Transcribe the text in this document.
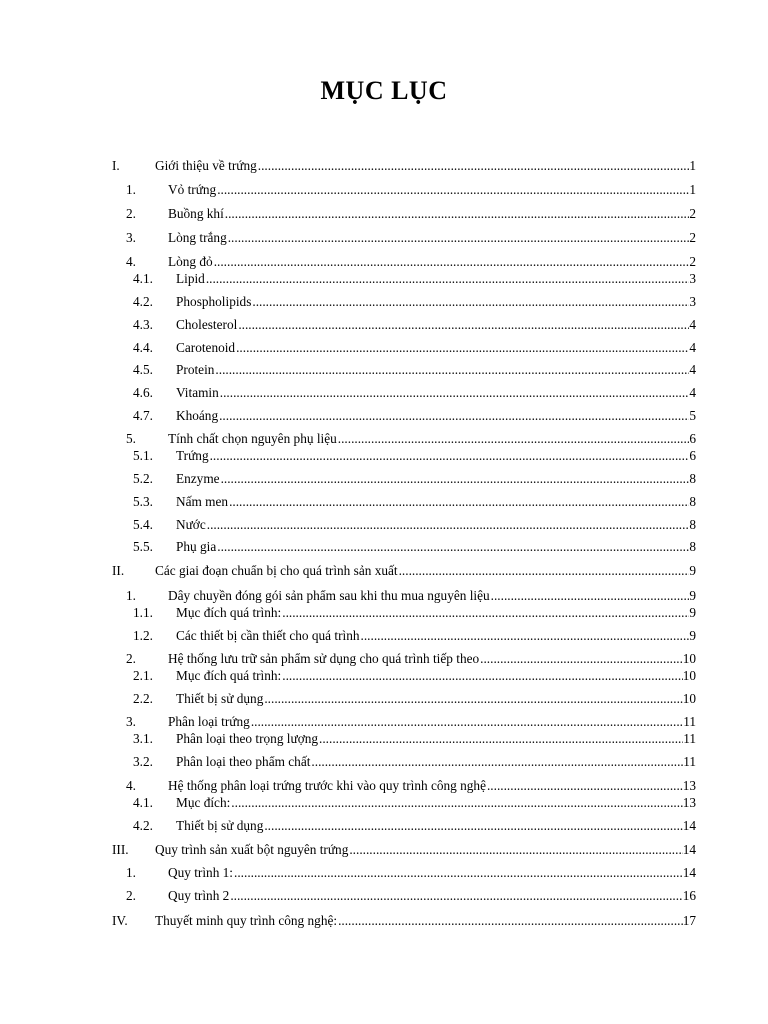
MỤC LỤC
I.	Giới thiệu về trứng .....	1
1. Vỏ trứng .....	1
2. Buồng khí .....	2
3. Lòng trắng .....	2
4. Lòng đỏ .....	2
4.1. Lipid .....	3
4.2. Phospholipids .....	3
4.3. Cholesterol .....	4
4.4. Carotenoid .....	4
4.5. Protein .....	4
4.6. Vitamin .....	4
4.7. Khoáng .....	5
5. Tính chất chọn nguyên phụ liệu .....	6
5.1. Trứng .....	6
5.2. Enzyme .....	8
5.3. Nấm men .....	8
5.4. Nước .....	8
5.5. Phụ gia .....	8
II. Các giai đoạn chuẩn bị cho quá trình sản xuất .....	9
1. Dây chuyền đóng gói sản phẩm sau khi thu mua nguyên liệu .....	9
1.1. Mục đích quá trình: .....	9
1.2. Các thiết bị cần thiết cho quá trình .....	9
2. Hệ thống lưu trữ sản phẩm sử dụng cho quá trình tiếp theo .....	10
2.1. Mục đích quá trình: .....	10
2.2. Thiết bị sử dụng .....	10
3. Phân loại trứng .....	11
3.1. Phân loại theo trọng lượng .....	11
3.2. Phân loại theo phẩm chất .....	11
4. Hệ thống phân loại trứng trước khi vào quy trình công nghệ .....	13
4.1. Mục đích: .....	13
4.2. Thiết bị sử dụng .....	14
III. Quy trình sản xuất bột nguyên trứng .....	14
1. Quy trình 1: .....	14
2. Quy trình 2 .....	16
IV. Thuyết minh quy trình công nghệ: .....	17
